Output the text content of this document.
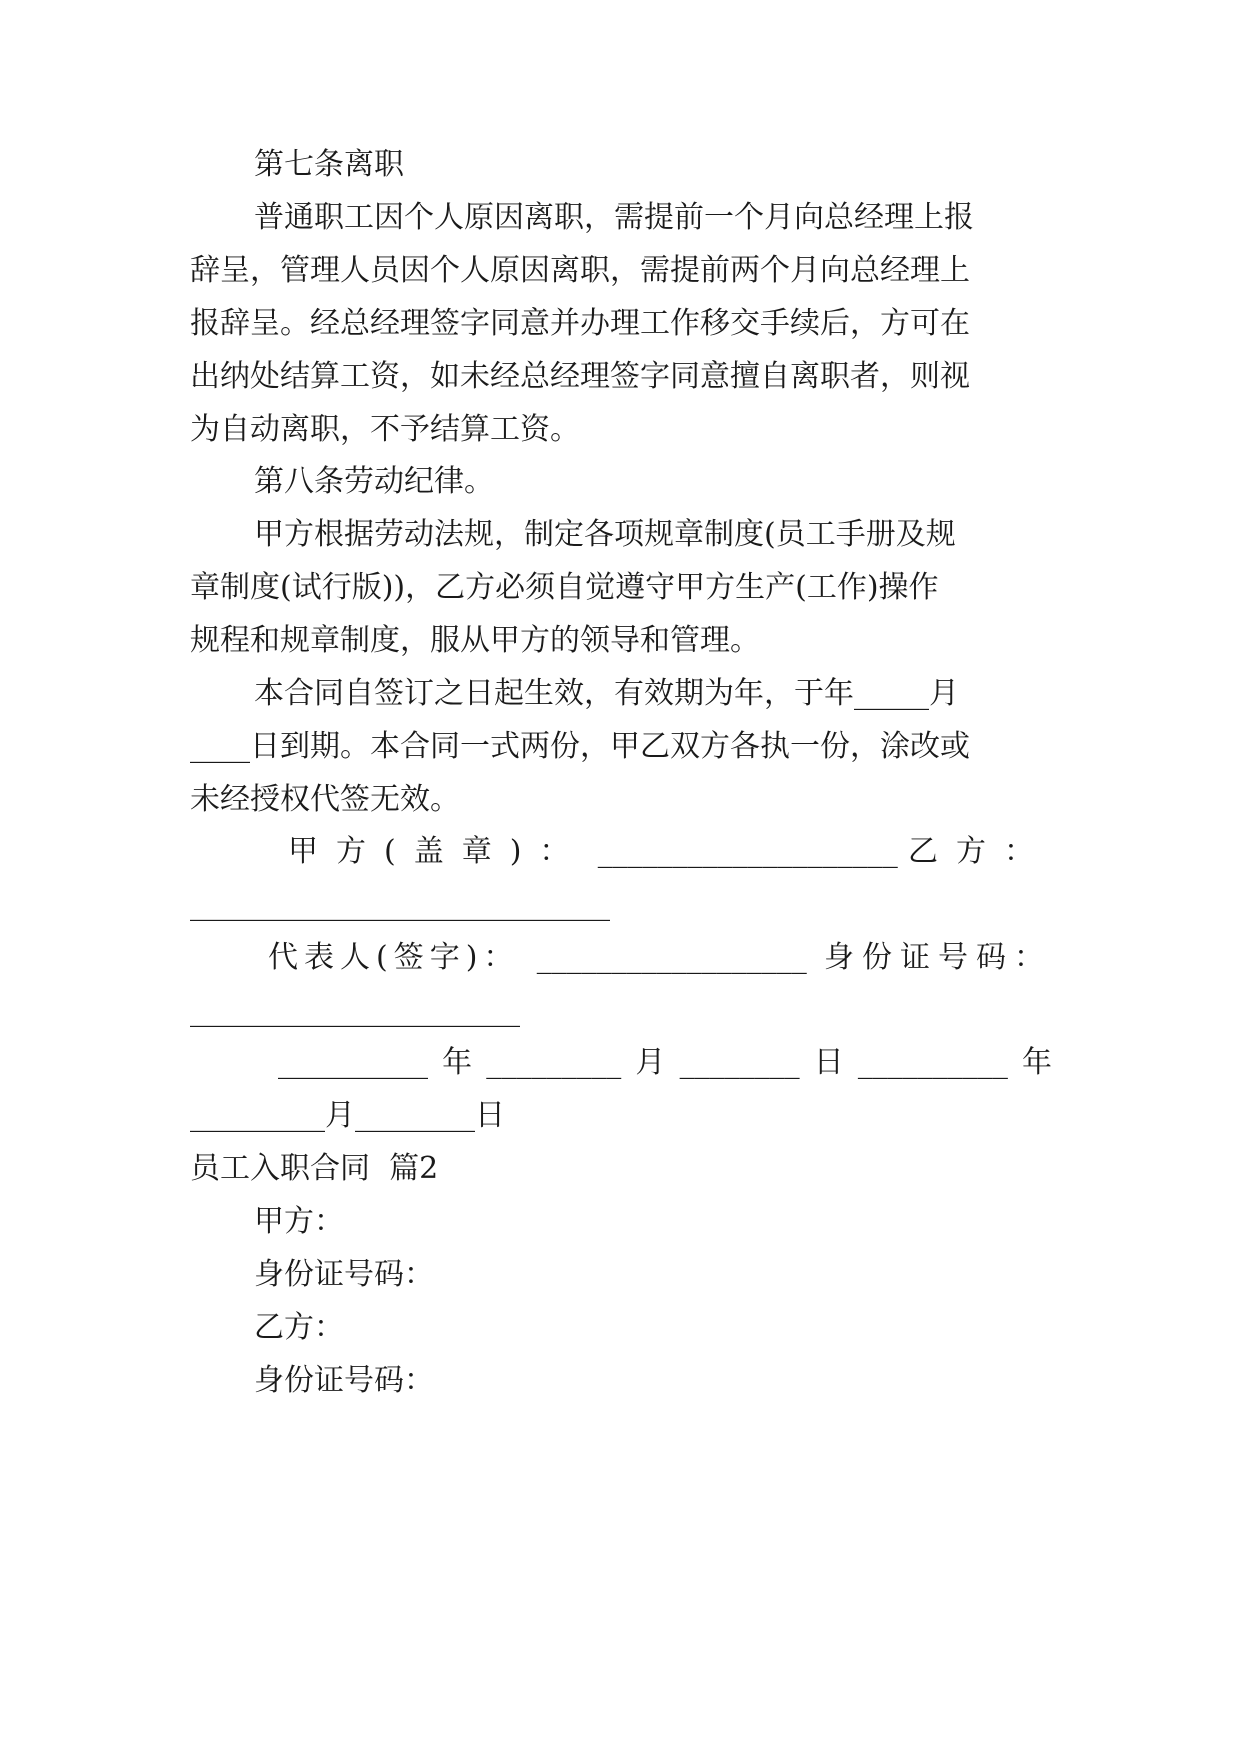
第七条离职
普通职工因个人原因离职，需提前一个月向总经理上报
辞呈，管理人员因个人原因离职，需提前两个月向总经理上
报辞呈。经总经理签字同意并办理工作移交手续后，方可在
出纳处结算工资，如未经总经理签字同意擅自离职者，则视
为自动离职，不予结算工资。
第八条劳动纪律。
甲方根据劳动法规，制定各项规章制度(员工手册及规
章制度(试行版))，乙方必须自觉遵守甲方生产(工作)操作
规程和规章制度，服从甲方的领导和管理。
本合同自签订之日起生效，有效期为年，于年_____月
____日到期。本合同一式两份，甲乙双方各执一份，涂改或
未经授权代签无效。
甲方(盖章)： ____________________ 乙方：
____________________________
代表人(签字)： __________________ 身份证号码：
______________________
__________ 年 _________ 月 ________ 日 __________ 年
_________月________日
员工入职合同  篇2
甲方：
身份证号码：
乙方：
身份证号码：
